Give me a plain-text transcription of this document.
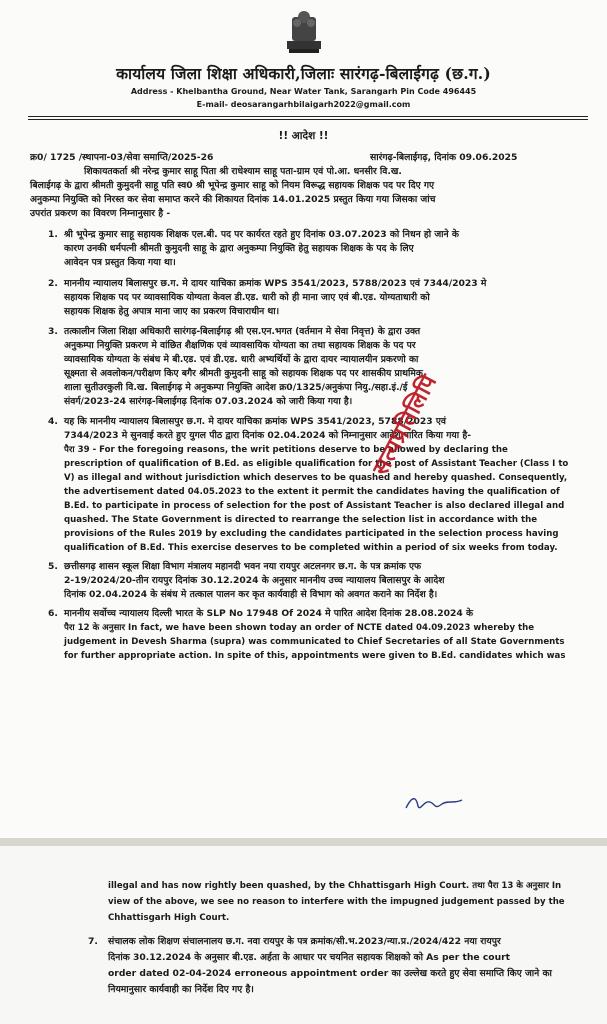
कार्यालय जिला शिक्षा अधिकारी,जिलाः सारंगढ़-बिलाईगढ़ (छ.ग.)
Address - Khelbantha Ground, Near Water Tank, Sarangarh Pin Code 496445
E-mail- deosarangarhbilaigarh2022@gmail.com
!! आदेश !!
क्र0/ 1725 /स्थापना-03/सेवा समाप्ति/2025-26	सारंगढ़-बिलाईगढ़, दिनांक 09.06.2025
शिकायतकर्ता श्री नरेन्द्र कुमार साहू पिता श्री राधेश्याम साहू पता-ग्राम एवं पो.आ. धनसीर वि.ख.
बिलाईगढ़ के द्वारा श्रीमती कुमुदनी साहू पति स्व0 श्री भूपेन्द्र कुमार साहू को नियम विरूद्ध सहायक शिक्षक पद पर दिए गए
अनुकम्पा नियुक्ति को निरस्त कर सेवा समाप्त करने की शिकायत दिनांक 14.01.2025 प्रस्तुत किया गया जिसका जांच
उपरांत प्रकरण का विवरण निम्नानुसार है -
1. श्री भूपेन्द्र कुमार साहू सहायक शिक्षक एल.बी. पद पर कार्यरत रहते हुए दिनांक 03.07.2023 को निधन हो जाने के
कारण उनकी धर्मपत्नी श्रीमती कुमुदनी साहू के द्वारा अनुकम्पा नियुक्ति हेतु सहायक शिक्षक के पद के लिए
आवेदन पत्र प्रस्तुत किया गया था।
2. माननीय न्यायालय बिलासपुर छ.ग. मे दायर याचिका क्रमांक WPS 3541/2023, 5788/2023 एवं 7344/2023 मे
सहायक शिक्षक पद पर व्यावसायिक योग्यता केवल डी.एड. धारी को ही माना जाए एवं बी.एड. योग्यताधारी को
सहायक शिक्षक हेतु अपात्र माना जाए का प्रकरण विचाराधीन था।
3. तत्कालीन जिला शिक्षा अधिकारी सारंगढ़-बिलाईगढ़ श्री एस.एन.भगत (वर्तमान मे सेवा निवृत्त) के द्वारा उक्त
अनुकम्पा नियुक्ति प्रकरण मे वांछित शैक्षणिक एवं व्यावसायिक योग्यता का तथा सहायक शिक्षक के पद पर
व्यावसायिक योग्यता के संबंध मे बी.एड. एवं डी.एड. धारी अभ्यर्थियों के द्वारा दायर न्यायालयीन प्रकरणो का
सूक्ष्मता से अवलोकन/परीक्षण किए बगैर श्रीमती कुमुदनी साहू को सहायक शिक्षक पद पर शासकीय प्राथमिक
शाला सुतीउरकुली वि.ख. बिलाईगढ़ मे अनुकम्पा नियुक्ति आदेश क्र0/1325/अनुकंपा नियु./सहा.इं./ई
संवर्ग/2023-24 सारंगढ़-बिलाईगढ़ दिनांक 07.03.2024 को जारी किया गया है।
4. यह कि माननीय न्यायालय बिलासपुर छ.ग. मे दायर याचिका क्रमांक WPS 3541/2023, 5788/2023 एवं
7344/2023 मे सुनवाई करते हुए युगल पीठ द्वारा दिनांक 02.04.2024 को निम्नानुसार आदेश पारित किया गया है-
पैरा 39 - For the foregoing reasons, the writ petitions deserve to be allowed by declaring the
prescription of qualification of B.Ed. as eligible qualification for the post of Assistant Teacher (Class I to
V) as illegal and without jurisdiction which deserves to be quashed and hereby quashed. Consequently,
the advertisement dated 04.05.2023 to the extent it permit the candidates having the qualification of
B.Ed. to participate in process of selection for the post of Assistant Teacher is also declared illegal and
quashed. The State Government is directed to rearrange the selection list in accordance with the
provisions of the Rules 2019 by excluding the candidates participated in the selection process having
qualification of B.Ed. This exercise deserves to be completed within a period of six weeks from today.
5. छत्तीसगढ़ शासन स्कूल शिक्षा विभाग मंत्रालय महानदी भवन नया रायपुर अटलनगर छ.ग. के पत्र क्रमांक एफ
2-19/2024/20-तीन रायपुर दिनांक 30.12.2024 के अनुसार माननीय उच्च न्यायालय बिलासपुर के आदेश
दिनांक 02.04.2024 के संबंध मे तत्काल पालन कर कृत कार्यवाही से विभाग को अवगत कराने का निर्देश है।
6. माननीय सर्वोच्च न्यायालय दिल्ली भारत के SLP No 17948 Of 2024 मे पारित आदेश दिनांक 28.08.2024 के
पैरा 12 के अनुसार In fact, we have been shown today an order of NCTE dated 04.09.2023 whereby the
judgement in Devesh Sharma (supra) was communicated to Chief Secretaries of all State Governments
for further appropriate action. In spite of this, appointments were given to B.Ed. candidates which was
सत्यप्रतिलिपि
illegal and has now rightly been quashed, by the Chhattisgarh High Court. तथा पैरा 13 के अनुसार In
view of the above, we see no reason to interfere with the impugned judgement passed by the
Chhattisgarh High Court.
7. संचालक लोक शिक्षण संचालनालय छ.ग. नवा रायपुर के पत्र क्रमांक/सी.भ.2023/न्या.प्र./2024/422 नया रायपुर
दिनांक 30.12.2024 के अनुसार बी.एड. अर्हता के आधार पर चयनित सहायक शिक्षको को As per the court
order dated 02-04-2024 erroneous appointment order का उल्लेख करते हुए सेवा समाप्ति किए जाने का
नियमानुसार कार्यवाही का निर्देश दिए गए है।
